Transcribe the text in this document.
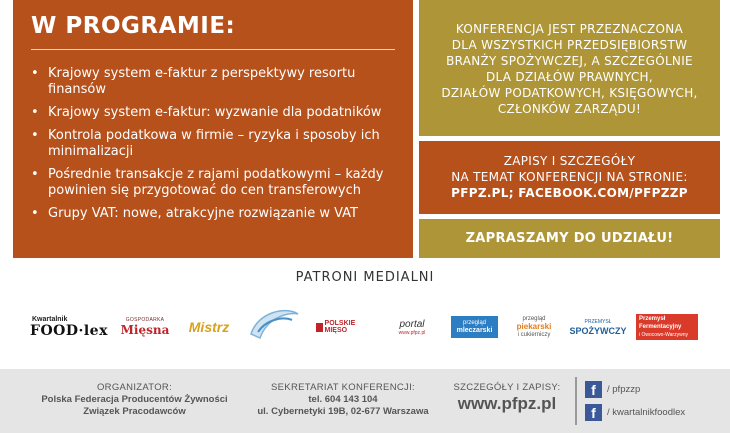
W PROGRAMIE:
• Krajowy system e-faktur z perspektywy resortu finansów
• Krajowy system e-faktur: wyzwanie dla podatników
• Kontrola podatkowa w firmie – ryzyka i sposoby ich minimalizacji
• Pośrednie transakcje z rajami podatkowymi – każdy powinien się przygotować do cen transferowych
• Grupy VAT: nowe, atrakcyjne rozwiązanie w VAT
KONFERENCJA JEST PRZEZNACZONA
DLA WSZYSTKICH PRZEDSIĘBIORSTW
BRANŻY SPOŻYWCZEJ, A SZCZEGÓLNIE
DLA DZIAŁÓW PRAWNYCH,
DZIAŁÓW PODATKOWYCH, KSIĘGOWYCH,
CZŁONKÓW ZARZĄDU!
ZAPISY I SZCZEGÓŁY
NA TEMAT KONFERENCJI NA STRONIE:
PFPZ.PL; FACEBOOK.COM/PFPZZP
ZAPRASZAMY DO UDZIAŁU!
PATRONI MEDIALNI
Kwartalnik
FOOD·lex
GOSPODARKA
Mięsna Mistrz	POLSKIE MIĘSO
portal
www.pfpz.pl
przegląd
mleczarski
przegląd
piekarski
i cukierniczy
PRZEMYSŁ
SPOŻYWCZY
Przemysł
Fermentacyjny
i Owocowo-Warzywny
ORGANIZATOR:
Polska Federacja Producentów Żywności
Związek Pracodawców
SEKRETARIAT KONFERENCJI:
tel. 604 143 104
ul. Cybernetyki 19B, 02-677 Warszawa
SZCZEGÓŁY I ZAPISY:
www.pfpz.pl
f	/ pfpzzp
f	/ kwartalnikfoodlex
